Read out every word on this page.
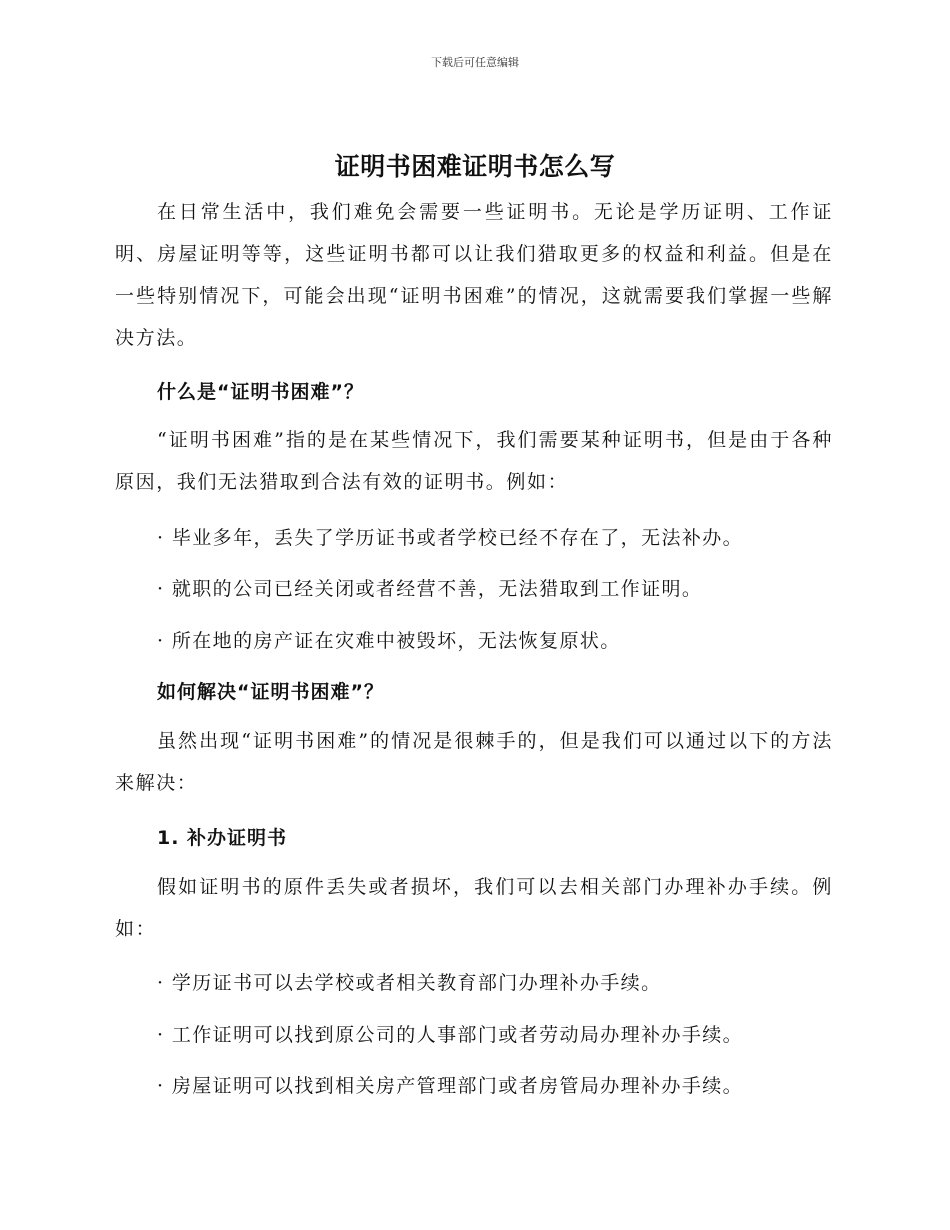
下载后可任意编辑
证明书困难证明书怎么写

在日常生活中，我们难免会需要一些证明书。无论是学历证明、工作证明、房屋证明等等，这些证明书都可以让我们猎取更多的权益和利益。但是在一些特别情况下，可能会出现“证明书困难”的情况，这就需要我们掌握一些解决方法。

什么是“证明书困难”？

“证明书困难”指的是在某些情况下，我们需要某种证明书，但是由于各种原因，我们无法猎取到合法有效的证明书。例如：

· 毕业多年，丢失了学历证书或者学校已经不存在了，无法补办。

· 就职的公司已经关闭或者经营不善，无法猎取到工作证明。

· 所在地的房产证在灾难中被毁坏，无法恢复原状。

如何解决“证明书困难”？

虽然出现“证明书困难”的情况是很棘手的，但是我们可以通过以下的方法来解决：

1. 补办证明书

假如证明书的原件丢失或者损坏，我们可以去相关部门办理补办手续。例如：

· 学历证书可以去学校或者相关教育部门办理补办手续。

· 工作证明可以找到原公司的人事部门或者劳动局办理补办手续。

· 房屋证明可以找到相关房产管理部门或者房管局办理补办手续。
